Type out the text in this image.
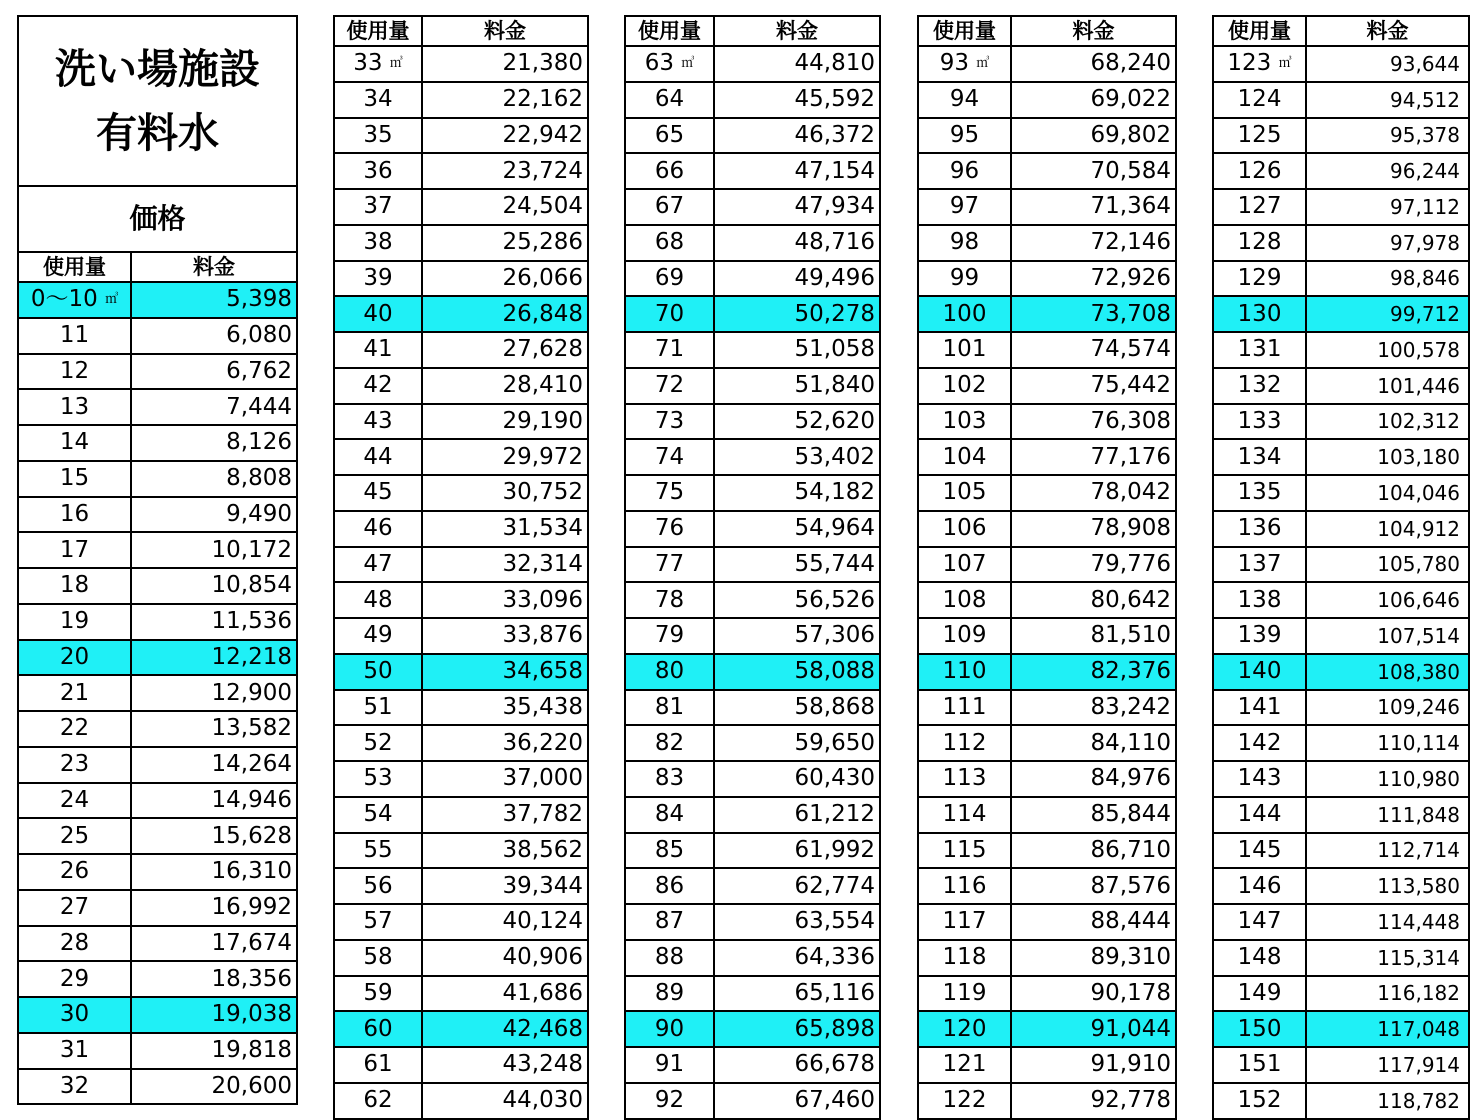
洗い場施設
有料水	

価格	
使用量	料金
0～10 ㎥	5,398
11	6,080
12	6,762
13	7,444
14	8,126
15	8,808
16	9,490
17	10,172
18	10,854
19	11,536
20	12,218
21	12,900
22	13,582
23	14,264
24	14,946
25	15,628
26	16,310
27	16,992
28	17,674
29	18,356
30	19,038
31	19,818
32	20,600
使用量	料金
33 ㎥	21,380
34	22,162
35	22,942
36	23,724
37	24,504
38	25,286
39	26,066
40	26,848
41	27,628
42	28,410
43	29,190
44	29,972
45	30,752
46	31,534
47	32,314
48	33,096
49	33,876
50	34,658
51	35,438
52	36,220
53	37,000
54	37,782
55	38,562
56	39,344
57	40,124
58	40,906
59	41,686
60	42,468
61	43,248
62	44,030
使用量	料金
63 ㎥	44,810
64	45,592
65	46,372
66	47,154
67	47,934
68	48,716
69	49,496
70	50,278
71	51,058
72	51,840
73	52,620
74	53,402
75	54,182
76	54,964
77	55,744
78	56,526
79	57,306
80	58,088
81	58,868
82	59,650
83	60,430
84	61,212
85	61,992
86	62,774
87	63,554
88	64,336
89	65,116
90	65,898
91	66,678
92	67,460
使用量	料金
93 ㎥	68,240
94	69,022
95	69,802
96	70,584
97	71,364
98	72,146
99	72,926
100	73,708
101	74,574
102	75,442
103	76,308
104	77,176
105	78,042
106	78,908
107	79,776
108	80,642
109	81,510
110	82,376
111	83,242
112	84,110
113	84,976
114	85,844
115	86,710
116	87,576
117	88,444
118	89,310
119	90,178
120	91,044
121	91,910
122	92,778
使用量	料金
123 ㎥	93,644
124	94,512
125	95,378
126	96,244
127	97,112
128	97,978
129	98,846
130	99,712
131	100,578
132	101,446
133	102,312
134	103,180
135	104,046
136	104,912
137	105,780
138	106,646
139	107,514
140	108,380
141	109,246
142	110,114
143	110,980
144	111,848
145	112,714
146	113,580
147	114,448
148	115,314
149	116,182
150	117,048
151	117,914
152	118,782
